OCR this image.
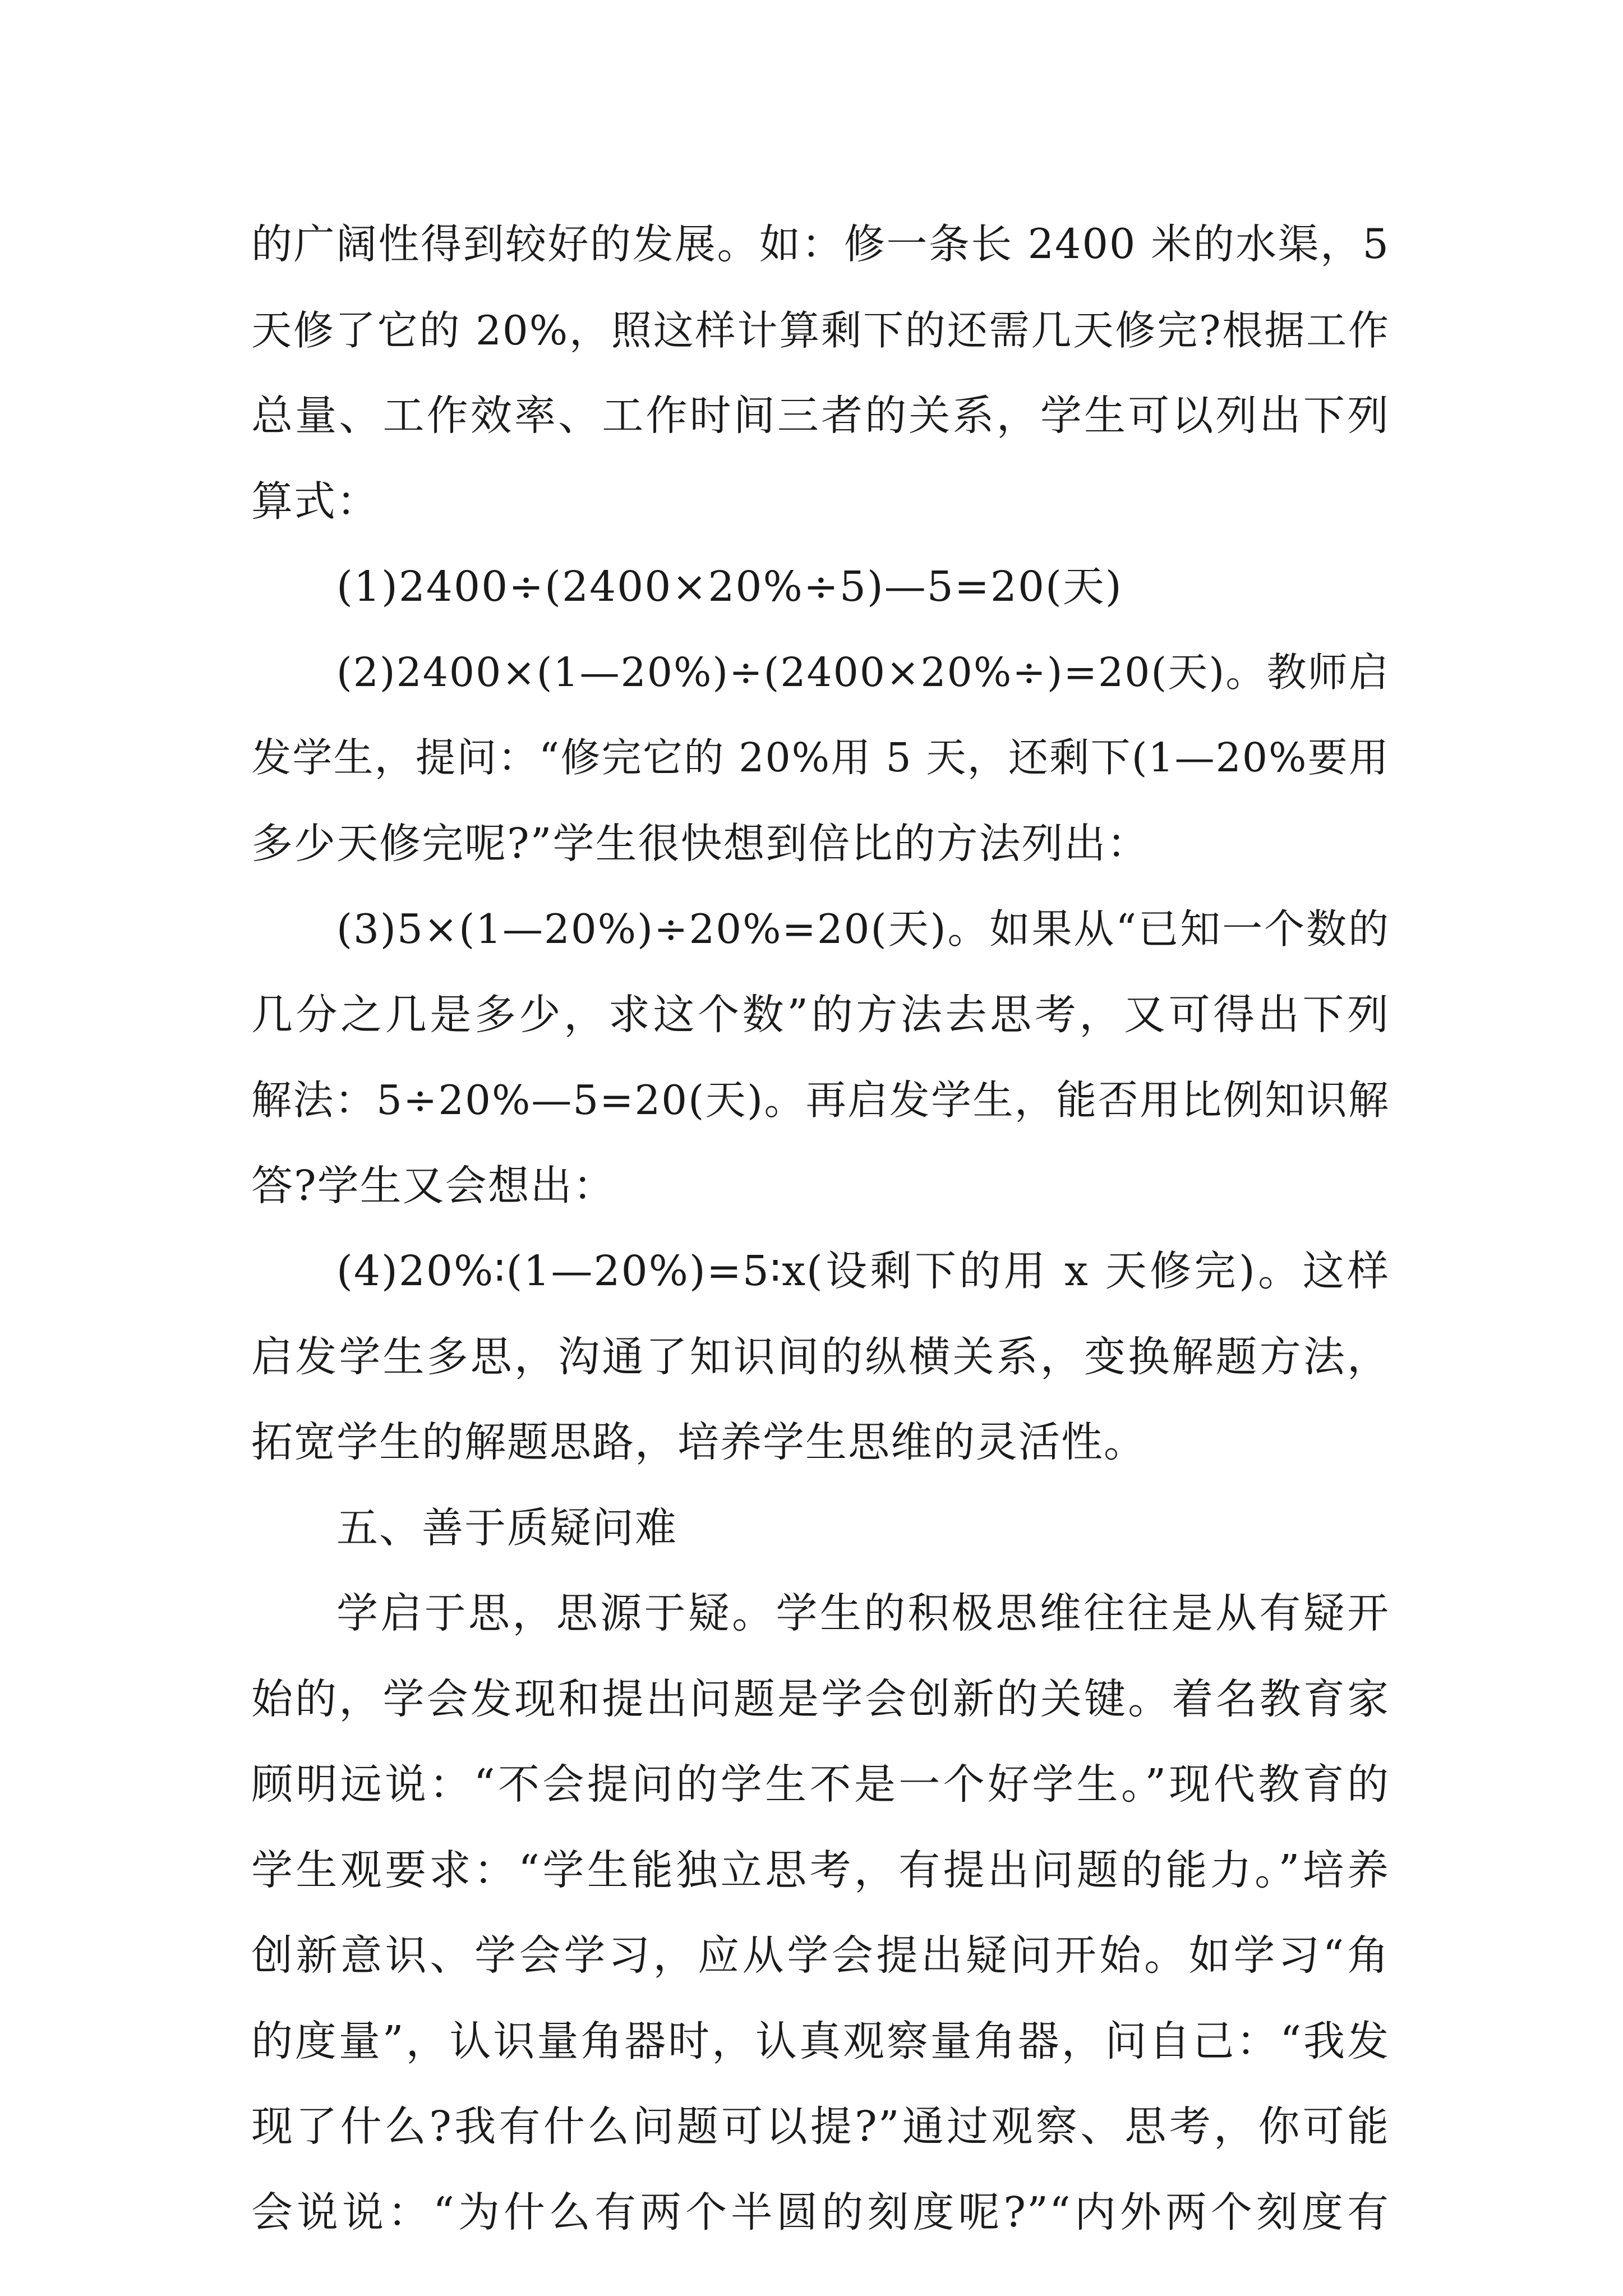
的广阔性得到较好的发展。如：修一条长 2400 米的水渠，5
天修了它的 20%，照这样计算剩下的还需几天修完?根据工作
总量、工作效率、工作时间三者的关系，学生可以列出下列
算式：
(1)2400÷(2400×20%÷5)—5=20(天)
(2)2400×(1—20%)÷(2400×20%÷)=20(天)。教师启
发学生，提问：“修完它的 20%用 5 天，还剩下(1—20%要用
多少天修完呢?”学生很快想到倍比的方法列出：
(3)5×(1—20%)÷20%=20(天)。如果从“已知一个数的
几分之几是多少，求这个数”的方法去思考，又可得出下列
解法：5÷20%—5=20(天)。再启发学生，能否用比例知识解
答?学生又会想出：
(4)20%∶(1—20%)=5∶x(设剩下的用 x 天修完)。这样
启发学生多思，沟通了知识间的纵横关系，变换解题方法，
拓宽学生的解题思路，培养学生思维的灵活性。
五、善于质疑问难
学启于思，思源于疑。学生的积极思维往往是从有疑开
始的，学会发现和提出问题是学会创新的关键。着名教育家
顾明远说：“不会提问的学生不是一个好学生。”现代教育的
学生观要求：“学生能独立思考，有提出问题的能力。”培养
创新意识、学会学习，应从学会提出疑问开始。如学习“角
的度量”，认识量角器时，认真观察量角器，问自己：“我发
现了什么?我有什么问题可以提?”通过观察、思考，你可能
会说说：“为什么有两个半圆的刻度呢?”“内外两个刻度有
